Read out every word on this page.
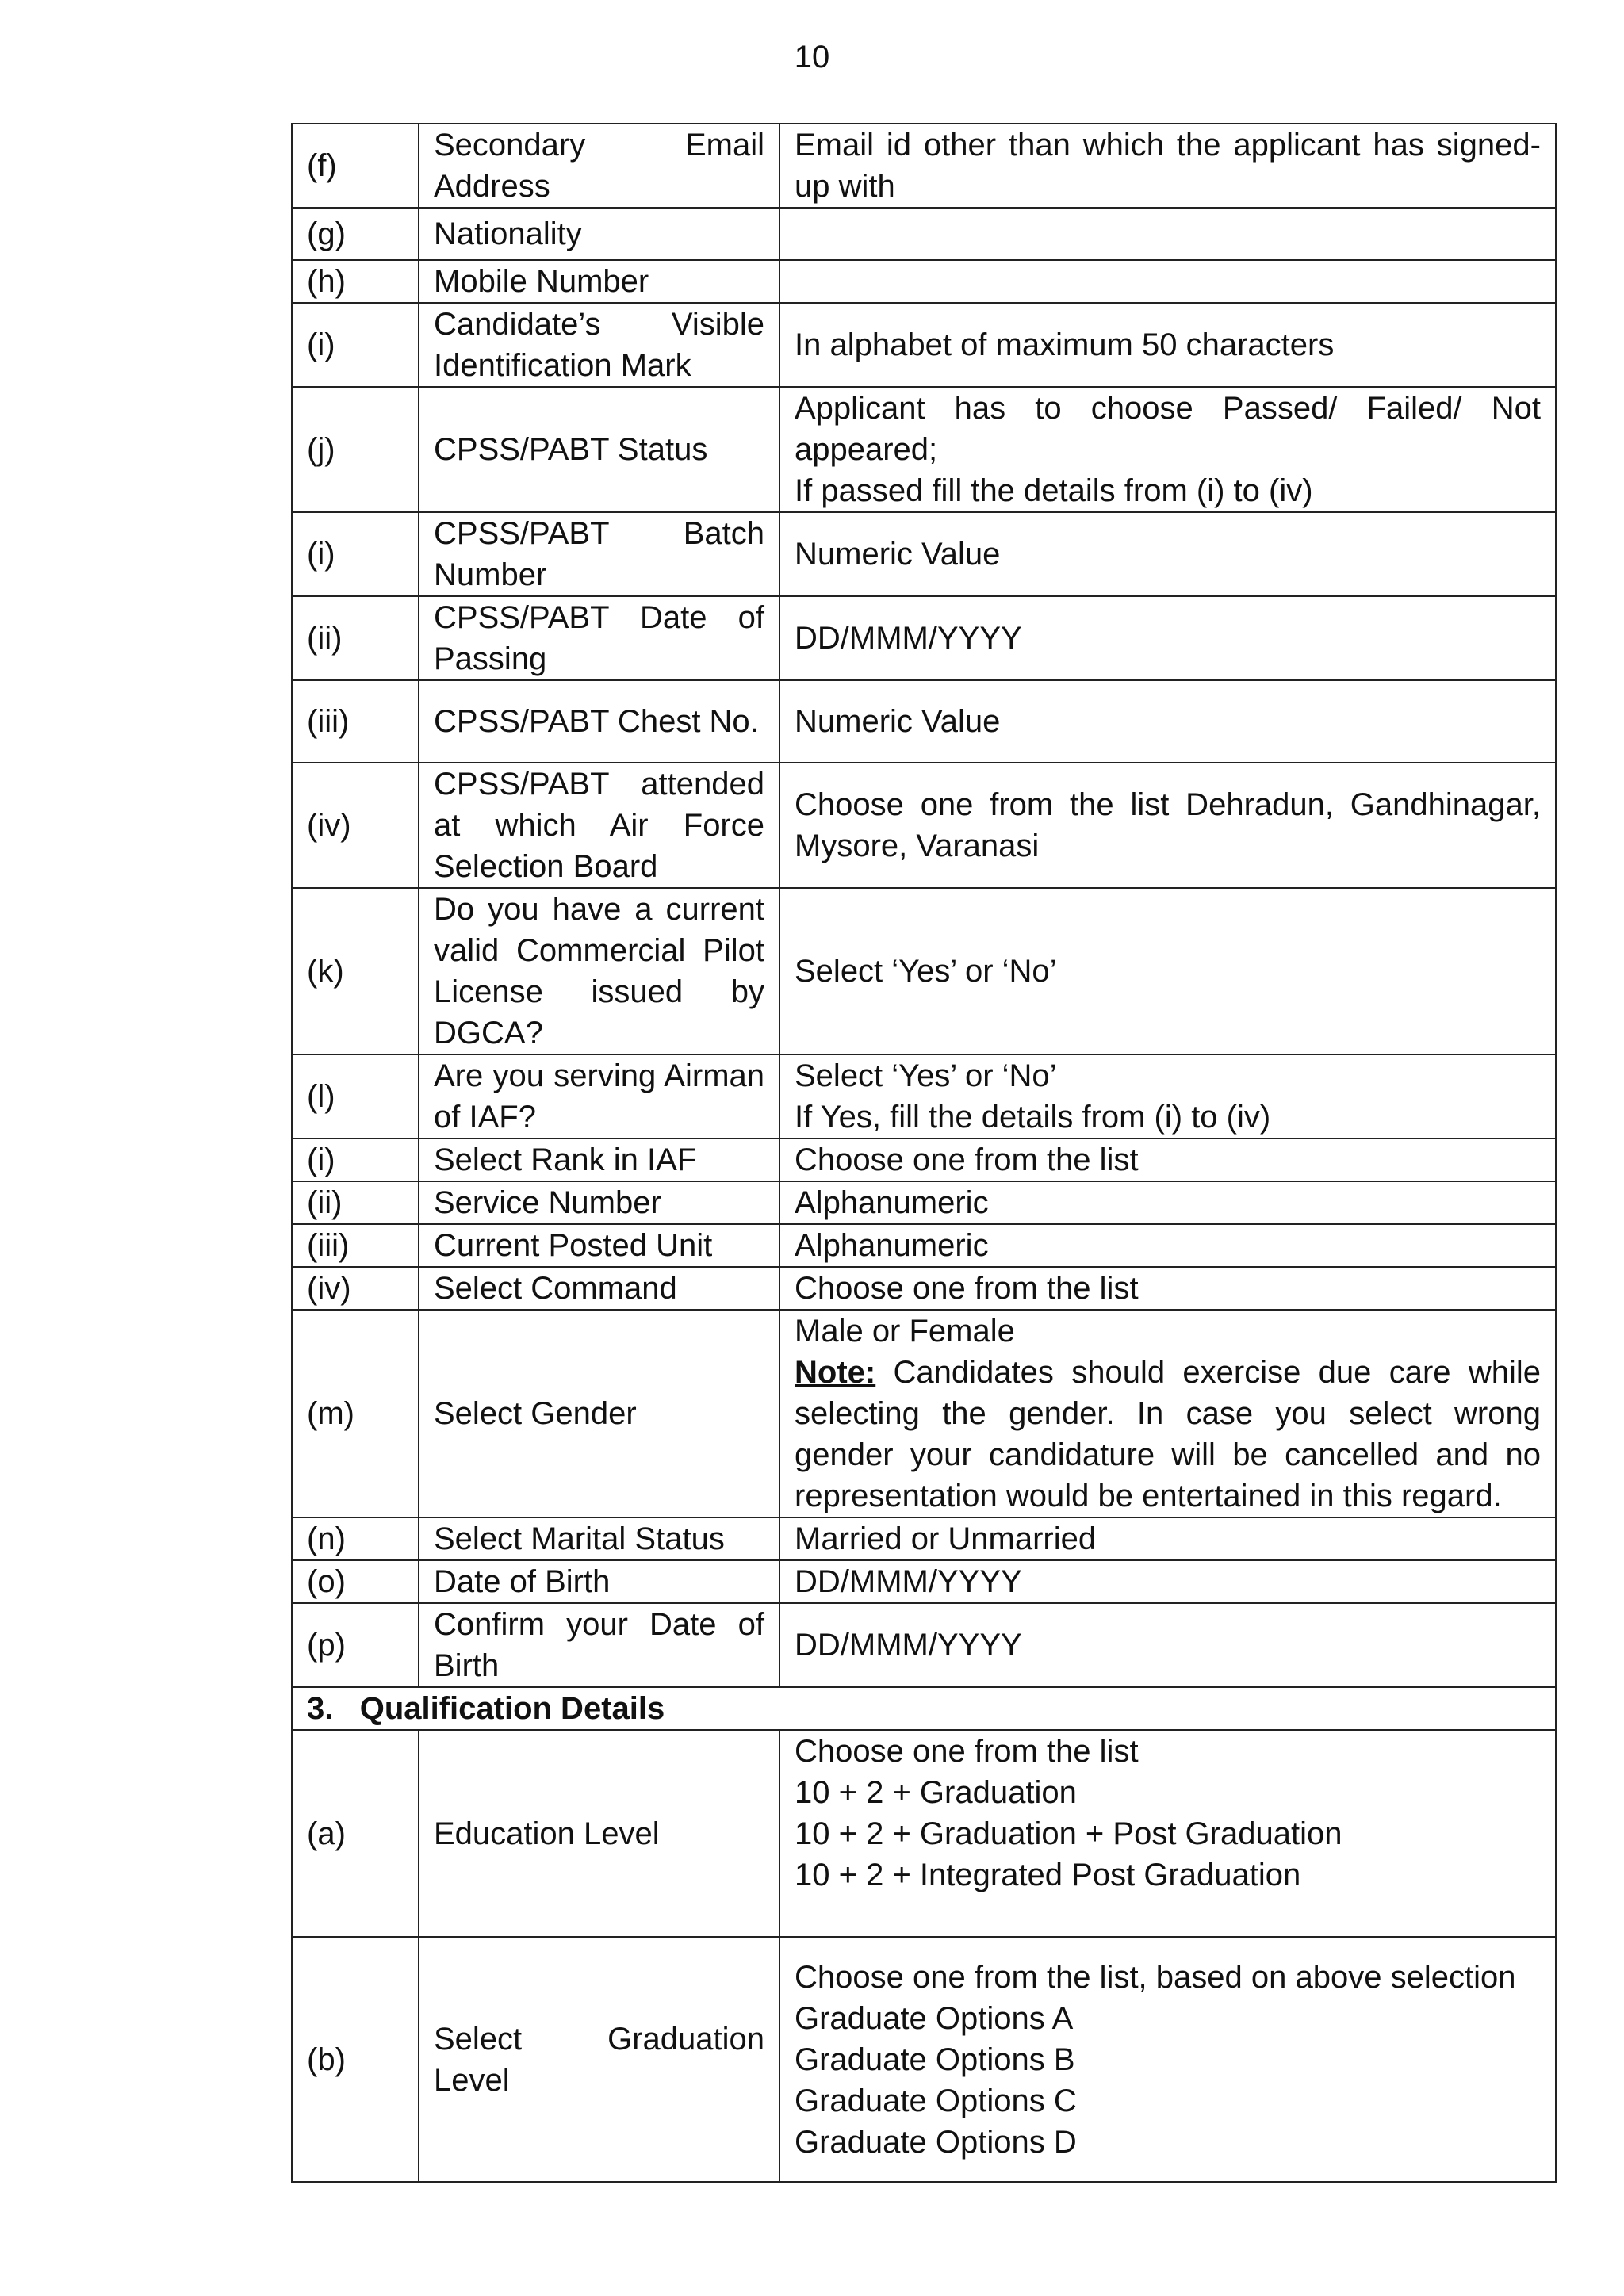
10
(f)	Secondary Email Address	Email id other than which the applicant has signed-up with

(g)	Nationality	

(h)	Mobile Number	

(i)	Candidate’s Visible Identification Mark	In alphabet of maximum 50 characters

(j)	CPSS/PABT Status	Applicant has to choose Passed/ Failed/ Not appeared;
If passed fill the details from (i) to (iv)

(i)	CPSS/PABT Batch Number	Numeric Value

(ii)	CPSS/PABT Date of Passing	DD/MMM/YYYY

(iii)	CPSS/PABT Chest No.	Numeric Value

(iv)	CPSS/PABT attended at which Air Force Selection Board	Choose one from the list Dehradun, Gandhinagar, Mysore, Varanasi

(k)	Do you have a current valid Commercial Pilot License issued by DGCA?	Select ‘Yes’ or ‘No’

(l)	Are you serving Airman of IAF?	Select ‘Yes’ or ‘No’
If Yes, fill the details from (i) to (iv)

(i)	Select Rank in IAF	Choose one from the list

(ii)	Service Number	Alphanumeric

(iii)	Current Posted Unit	Alphanumeric

(iv)	Select Command	Choose one from the list

(m)	Select Gender	Male or Female
Note: Candidates should exercise due care while selecting the gender. In case you select wrong gender your candidature will be cancelled and no representation would be entertained in this regard.
(n)	Select Marital Status	Married or Unmarried

(o)	Date of Birth	DD/MMM/YYYY

(p)	Confirm your Date of Birth	DD/MMM/YYYY

3.   Qualification Details		
(a)	Education Level	Choose one from the list
10 + 2 + Graduation
10 + 2 + Graduation + Post Graduation
10 + 2 + Integrated Post Graduation

(b)	Select Graduation Level	Choose one from the list, based on above selection
Graduate Options A
Graduate Options B
Graduate Options C
Graduate Options D
